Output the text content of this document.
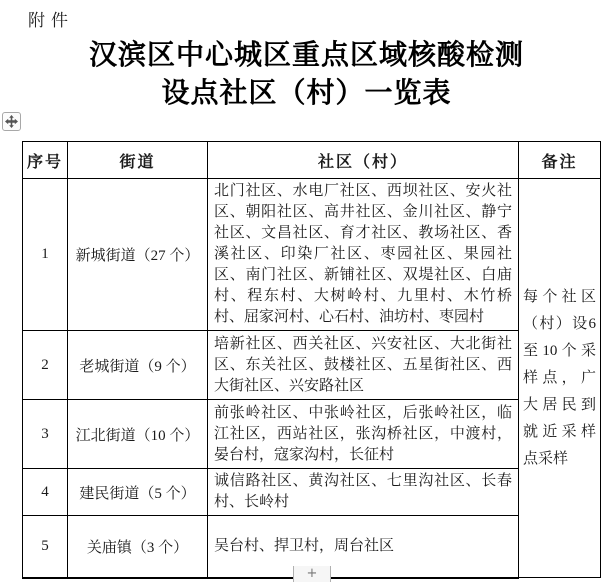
附件
汉滨区中心城区重点区域核酸检测
设点社区（村）一览表
序号	街道	社区（村）	备注
1	新城街道（27 个）	北门社区、水电厂社区、西坝社区、安火社区、朝阳社区、高井社区、金川社区、静宁社区、文昌社区、育才社区、教场社区、香溪社区、印染厂社区、枣园社区、果园社区、南门社区、新铺社区、双堤社区、白庙村、程东村、大树岭村、九里村、木竹桥村、屈家河村、心石村、油坊村、枣园村	每个社区（村）设6至10个采样点，广大居民到就近采样点采样
2	老城街道（9 个）	培新社区、西关社区、兴安社区、大北街社区、东关社区、鼓楼社区、五星街社区、西大街社区、兴安路社区	
3	江北街道（10 个）	前张岭社区、中张岭社区，后张岭社区，临江社区，西站社区，张沟桥社区，中渡村，晏台村，寇家沟村，长征村	
4	建民街道（5 个）	诚信路社区、黄沟社区、七里沟社区、长春村、长岭村	
5	关庙镇（3 个）	吴台村、捍卫村，周台社区	
+
